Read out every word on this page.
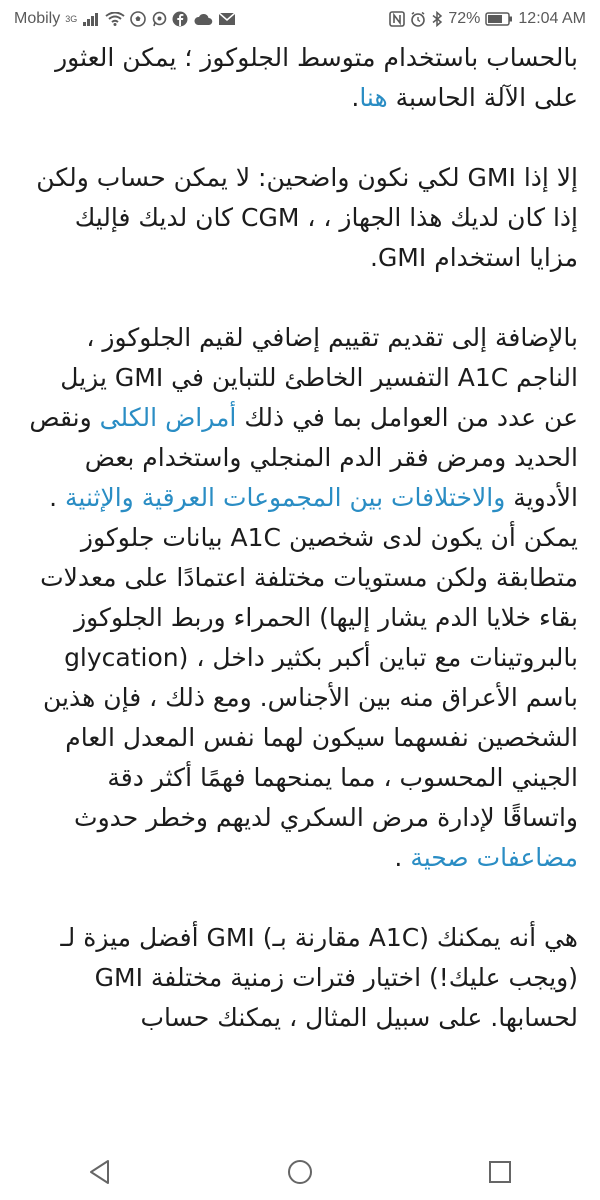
Mobily 3G	72% 12:04 AM

بالحساب باستخدام متوسط الجلوكوز ؛ يمكن العثور على الآلة الحاسبة هنا.

إلا إذا GMI لكي نكون واضحين: لا يمكن حساب ولكن إذا كان لديك هذا الجهاز ، ، CGM كان لديك فإليك مزايا استخدام GMI.

بالإضافة إلى تقديم تقييم إضافي لقيم الجلوكوز ، الناجم A1C التفسير الخاطئ للتباين في GMI يزيل عن عدد من العوامل بما في ذلك أمراض الكلى ونقص الحديد ومرض فقر الدم المنجلي واستخدام بعض الأدوية والاختلافات بين المجموعات العرقية والإثنية . يمكن أن يكون لدى شخصين A1C بيانات جلوكوز متطابقة ولكن مستويات مختلفة اعتمادًا على معدلات بقاء خلايا الدم يشار إليها) الحمراء وربط الجلوكوز بالبروتينات مع تباين أكبر بكثير داخل ، (glycation باسم الأعراق منه بين الأجناس. ومع ذلك ، فإن هذين الشخصين نفسهما سيكون لهما نفس المعدل العام الجيني المحسوب ، مما يمنحهما فهمًا أكثر دقة واتساقًا لإدارة مرض السكري لديهم وخطر حدوث مضاعفات صحية .

هي أنه يمكنك (A1C مقارنة بـ) GMI أفضل ميزة لـ (ويجب عليك!) اختيار فترات زمنية مختلفة GMI لحسابها. على سبيل المثال ، يمكنك حساب
